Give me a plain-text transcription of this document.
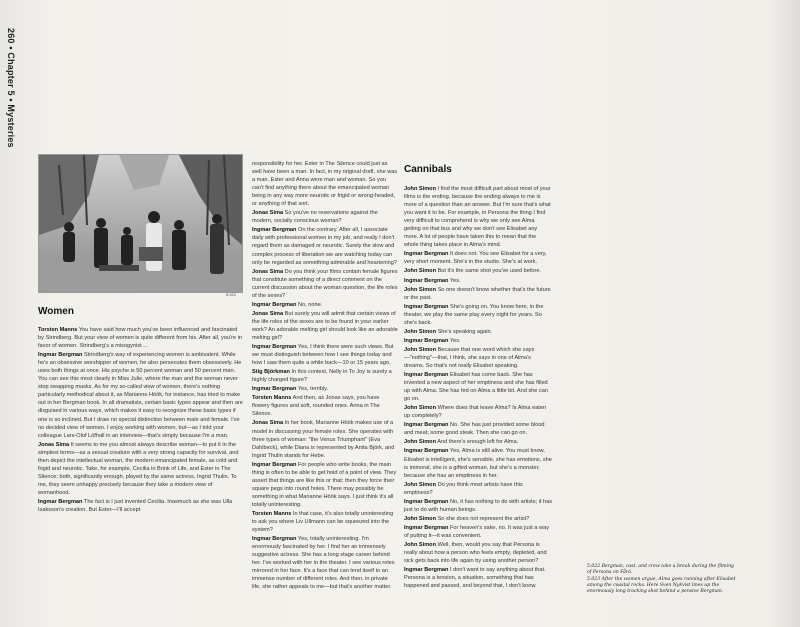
260 • Chapter 5 • Mysteries
5.022
Women

Torsten Manns You have said how much you've been influenced and fascinated by Strindberg. But your view of women is quite different from his. After all, you're in favor of women. Strindberg's a misogynist ...

Ingmar Bergman Strindberg's way of experiencing women is ambivalent. While he's an obsessive worshipper of women, he also persecutes them obsessively. He uses both things at once. His psyche is 50 percent woman and 50 percent man. You can see this most clearly in Miss Julie, where the man and the woman never stop swapping masks. As for my so-called view of women, there's nothing particularly methodical about it, as Marianne Höök, for instance, has tried to make out in her Bergman book. In all dramatists, certain basic types appear and then are disguised in various ways, which makes it easy to recognize these basic types if one is so inclined. But I draw no special distinction between male and female. I've no decided view of women. I enjoy working with women, but—as I told your colleague Lars-Olof Löfhall in an interview—that's simply because I'm a man.

Jonas Sima It seems to me you almost always describe woman—to put it in the simplest terms—as a sexual creature with a very strong capacity for survival, and then depict the intellectual woman, the modern emancipated female, as cold and frigid and neurotic. Take, for example, Cecilia in Brink of Life, and Ester in The Silence; both, significantly enough, played by the same actress, Ingrid Thulin. To me, they seem unhappy precisely because they take a modern view of womanhood.

Ingmar Bergman The fact is I just invented Cecilia. Inasmuch as she was Ulla Isaksson's creation. But Ester—I'll accept

responsibility for her. Ester in The Silence could just as well have been a man. In fact, in my original draft, she was a man. Ester and Anna were man and woman. So you can't find anything there about the emancipated woman being in any way more neurotic or frigid or wrong-headed, or anything of that sort.

Jonas Sima So you've no reservations against the modern, socially conscious woman?

Ingmar Bergman On the contrary. After all, I associate daily with professional women in my job, and really I don't regard them as damaged or neurotic. Surely the slow and complex process of liberation we are watching today can only be regarded as something admirable and heartening?

Jonas Sima Do you think your films contain female figures that constitute something of a direct comment on the current discussion about the woman question, the life roles of the sexes?

Ingmar Bergman No, none.

Jonas Sima But surely you will admit that certain views of the life roles of the sexes are to be found in your earlier work? An adorable melting girl should look like an adorable melting girl?

Ingmar Bergman Yes, I think there were such views. But we must distinguish between how I see things today and how I saw them quite a while back—10 or 15 years ago.

Stig Björkman In this context, Nelly in To Joy is surely a highly charged figure?

Ingmar Bergman Yes, terribly.

Torsten Manns And then, as Jonas says, you have flowery figures and soft, rounded ones. Anna in The Silence.

Jonas Sima In her book, Marianne Höök makes use of a model in discussing your female roles. She operates with three types of woman: "the Venus Triumphant" (Eva Dahlbeck), while Diana is represented by Anita Björk, and Ingrid Thulin stands for Hebe.

Ingmar Bergman For people who write books, the main thing is often to be able to get hold of a point of view. They assert that things are like this or that; then they force their square pegs into round holes. There may possibly be something in what Marianne Höök says. I just think it's all totally uninteresting.

Torsten Manns In that case, it's also totally uninteresting to ask you where Liv Ullmann can be squeezed into the system?

Ingmar Bergman Yes, totally uninteresting. I'm enormously fascinated by her. I find her an immensely suggestive actress. She has a long stage career behind her. I've worked with her in the theater. I see various roles mirrored in her face. It's a face that can lend itself to an immense number of different roles. And then, in private life, she rather appeals to me—but that's another matter.

Cannibals

John Simon I find the most difficult part about most of your films is the ending, because the ending always to me is more of a question than an answer. But I'm sure that's what you want it to be. For example, in Persona the thing I find very difficult to comprehend is why we only see Alma getting on that bus and why we don't see Elisabet any more. A lot of people have taken this to mean that the whole thing takes place in Alma's mind.

Ingmar Bergman It does not. You see Elisabet for a very, very short moment. She's in the studio. She's at work.

John Simon But it's the same shot you've used before.

Ingmar Bergman Yes.

John Simon So one doesn't know whether that's the future or the past.

Ingmar Bergman She's going on. You know here, in the theater, we play the same play every night for years. So she's back.

John Simon She's speaking again.

Ingmar Bergman Yes.

John Simon Because that one word which she says—"nothing"—that, I think, she says in one of Alma's dreams. So that's not really Elisabet speaking.

Ingmar Bergman Elisabet has come back. She has invented a new aspect of her emptiness and she has filled up with Alma. She has fed on Alma a little bit. And she can go on.

John Simon Where does that leave Alma? Is Alma eaten up completely?

Ingmar Bergman No. She has just provided some blood and meat, some good steak. Then she can go on.

John Simon And there's enough left for Alma.

Ingmar Bergman Yes, Alma is still alive. You must know, Elisabet is intelligent, she's sensible, she has emotions, she is immoral, she is a gifted woman, but she's a monster, because she has an emptiness in her.

John Simon Do you think most artists have this emptiness?

Ingmar Bergman No, it has nothing to do with artists; it has just to do with human beings.

John Simon So she does not represent the artist?

Ingmar Bergman For heaven's sake, no. It was just a way of putting it—it was convenient.

John Simon Well, then, would you say that Persona is really about how a person who feels empty, depleted, and sick gets back into life again by using another person?

Ingmar Bergman I don't want to say anything about that. Persona is a tension, a situation, something that has happened and passed, and beyond that, I don't know.

5.022 Bergman, cast, and crew take a break during the filming of Persona on Fårö.

5.023 After the women argue, Alma goes running after Elisabet among the coastal rocks. Here Sven Nykvist lines up the enormously long tracking shot behind a pensive Bergman.
